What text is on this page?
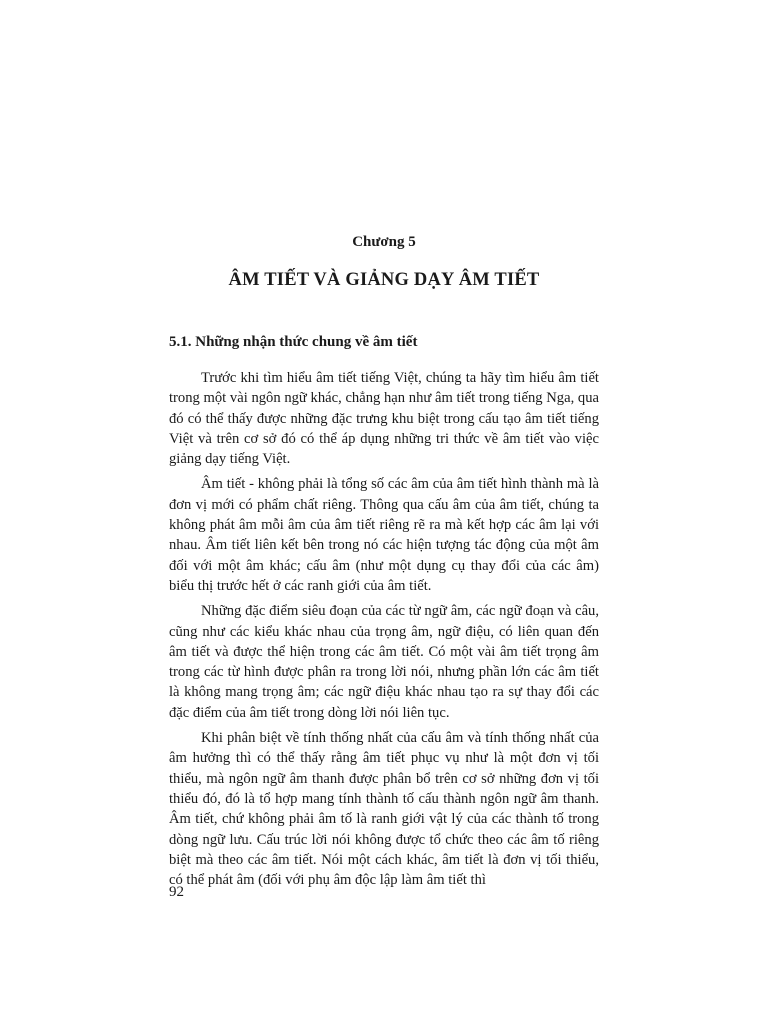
Chương 5
ÂM TIẾT VÀ GIẢNG DẠY ÂM TIẾT
5.1. Những nhận thức chung về âm tiết

Trước khi tìm hiểu âm tiết tiếng Việt, chúng ta hãy tìm hiểu âm tiết trong một vài ngôn ngữ khác, chẳng hạn như âm tiết trong tiếng Nga, qua đó có thể thấy được những đặc trưng khu biệt trong cấu tạo âm tiết tiếng Việt và trên cơ sở đó có thể áp dụng những tri thức về âm tiết vào việc giảng dạy tiếng Việt.

Âm tiết - không phải là tổng số các âm của âm tiết hình thành mà là đơn vị mới có phẩm chất riêng. Thông qua cấu âm của âm tiết, chúng ta không phát âm mỗi âm của âm tiết riêng rẽ ra mà kết hợp các âm lại với nhau. Âm tiết liên kết bên trong nó các hiện tượng tác động của một âm đối với một âm khác; cấu âm (như một dụng cụ thay đổi của các âm) biểu thị trước hết ở các ranh giới của âm tiết.

Những đặc điểm siêu đoạn của các từ ngữ âm, các ngữ đoạn và câu, cũng như các kiểu khác nhau của trọng âm, ngữ điệu, có liên quan đến âm tiết và được thể hiện trong các âm tiết. Có một vài âm tiết trọng âm trong các từ hình được phân ra trong lời nói, nhưng phần lớn các âm tiết là không mang trọng âm; các ngữ điệu khác nhau tạo ra sự thay đổi các đặc điểm của âm tiết trong dòng lời nói liên tục.

Khi phân biệt về tính thống nhất của cấu âm và tính thống nhất của âm hưởng thì có thể thấy rằng âm tiết phục vụ như là một đơn vị tối thiểu, mà ngôn ngữ âm thanh được phân bổ trên cơ sở những đơn vị tối thiểu đó, đó là tổ hợp mang tính thành tố cấu thành ngôn ngữ âm thanh. Âm tiết, chứ không phải âm tố là ranh giới vật lý của các thành tố trong dòng ngữ lưu. Cấu trúc lời nói không được tổ chức theo các âm tố riêng biệt mà theo các âm tiết. Nói một cách khác, âm tiết là đơn vị tối thiểu, có thể phát âm (đối với phụ âm độc lập làm âm tiết thì

92
